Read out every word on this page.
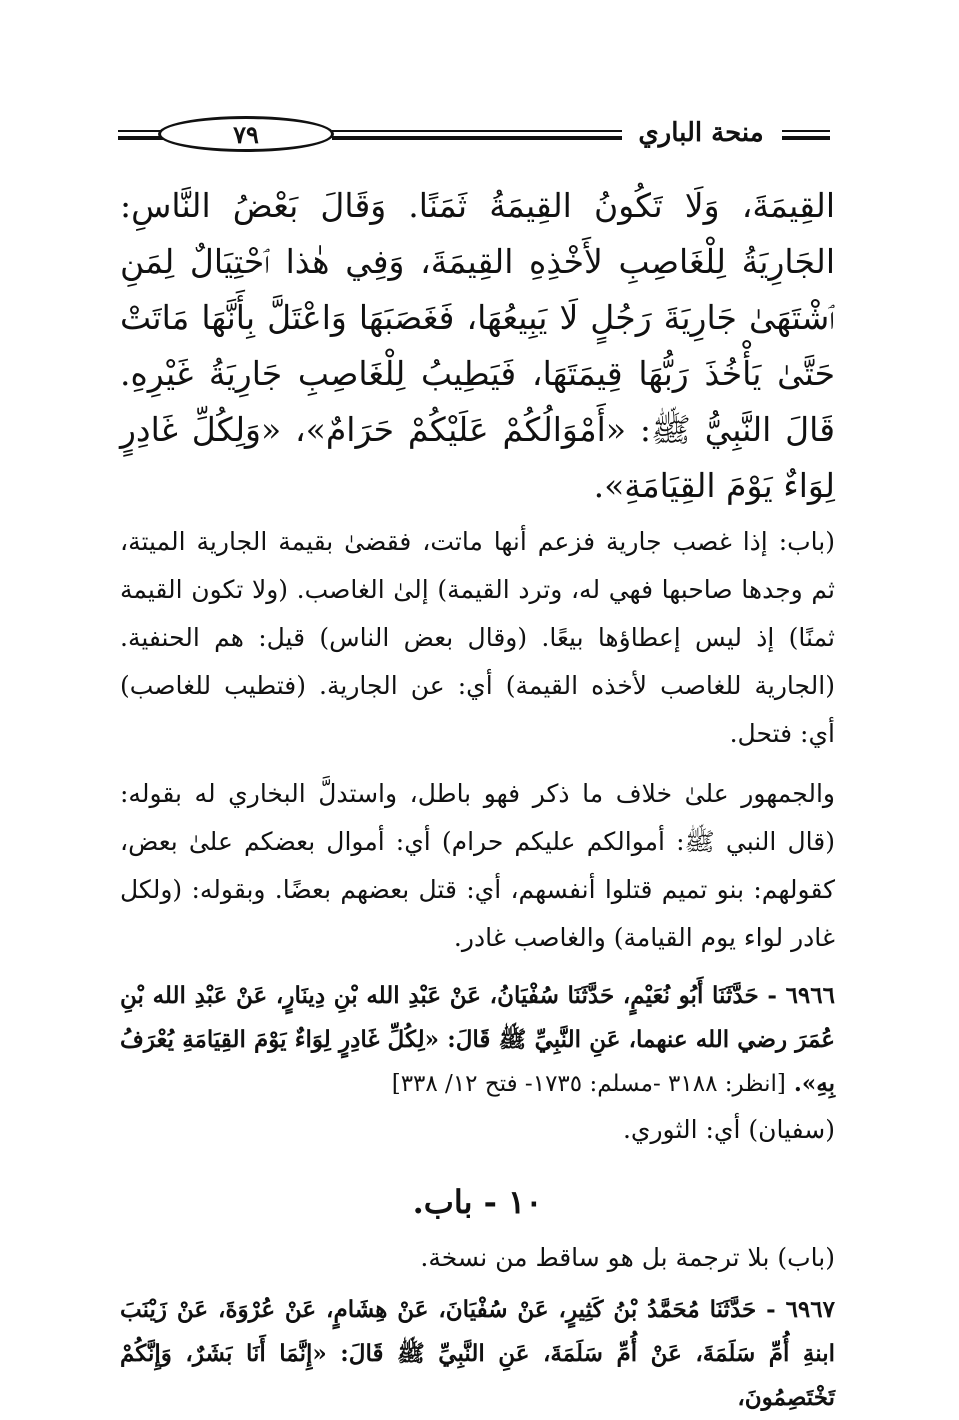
٧٩	منحة الباري
القِيمَةَ، وَلَا تَكُونُ القِيمَةُ ثَمَنًا. وَقَالَ بَعْضُ النَّاسِ: الجَارِيَةُ لِلْغَاصِبِ لأَخْذِهِ القِيمَةَ، وَفِي هٰذا ٱحْتِيَالٌ لِمَنِ ٱشْتَهَىٰ جَارِيَةَ رَجُلٍ لَا يَبِيعُهَا، فَغَصَبَهَا وَاعْتَلَّ بِأَنَّهَا مَاتَتْ حَتَّىٰ يَأْخُذَ رَبُّهَا قِيمَتَهَا، فَيَطِيبُ لِلْغَاصِبِ جَارِيَةُ غَيْرِهِ. قَالَ النَّبِيُّ ﷺ: «أَمْوَالُكُمْ عَلَيْكُمْ حَرَامٌ»، «وَلِكُلِّ غَادِرٍ لِوَاءٌ يَوْمَ القِيَامَةِ».

(باب: إذا غصب جارية فزعم أنها ماتت، فقضىٰ بقيمة الجارية الميتة، ثم وجدها صاحبها فهي له، وترد القيمة) إلىٰ الغاصب. (ولا تكون القيمة ثمنًا) إذ ليس إعطاؤها بيعًا. (وقال بعض الناس) قيل: هم الحنفية. (الجارية للغاصب لأخذه القيمة) أي: عن الجارية. (فتطيب للغاصب) أي: فتحل.

والجمهور علىٰ خلاف ما ذكر فهو باطل، واستدلَّ البخاري له بقوله: (قال النبي ﷺ: أموالكم عليكم حرام) أي: أموال بعضكم علىٰ بعض، كقولهم: بنو تميم قتلوا أنفسهم، أي: قتل بعضهم بعضًا. وبقوله: (ولكل غادر لواء يوم القيامة) والغاصب غادر.

٦٩٦٦ - حَدَّثَنَا أَبُو نُعَيْمٍ، حَدَّثَنَا سُفْيَانُ، عَنْ عَبْدِ الله بْنِ دِينَارٍ، عَنْ عَبْدِ الله بْنِ عُمَرَ رضي الله عنهما، عَنِ النَّبِيِّ ﷺ قَالَ: «لِكُلِّ غَادِرٍ لِوَاءٌ يَوْمَ القِيَامَةِ يُعْرَفُ بِهِ». [انظر: ٣١٨٨ -مسلم: ١٧٣٥- فتح ١٢/ ٣٣٨]

(سفيان) أي: الثوري.

١٠ - باب.

(باب) بلا ترجمة بل هو ساقط من نسخة.

٦٩٦٧ - حَدَّثَنَا مُحَمَّدُ بْنُ كَثِيرٍ، عَنْ سُفْيَانَ، عَنْ هِشَامٍ، عَنْ عُرْوَةَ، عَنْ زَيْنَبَ ابنةِ أُمِّ سَلَمَةَ، عَنْ أُمِّ سَلَمَةَ، عَنِ النَّبِيِّ ﷺ قَالَ: «إِنَّمَا أَنَا بَشَرٌ، وَإِنَّكُمْ تَخْتَصِمُونَ،
